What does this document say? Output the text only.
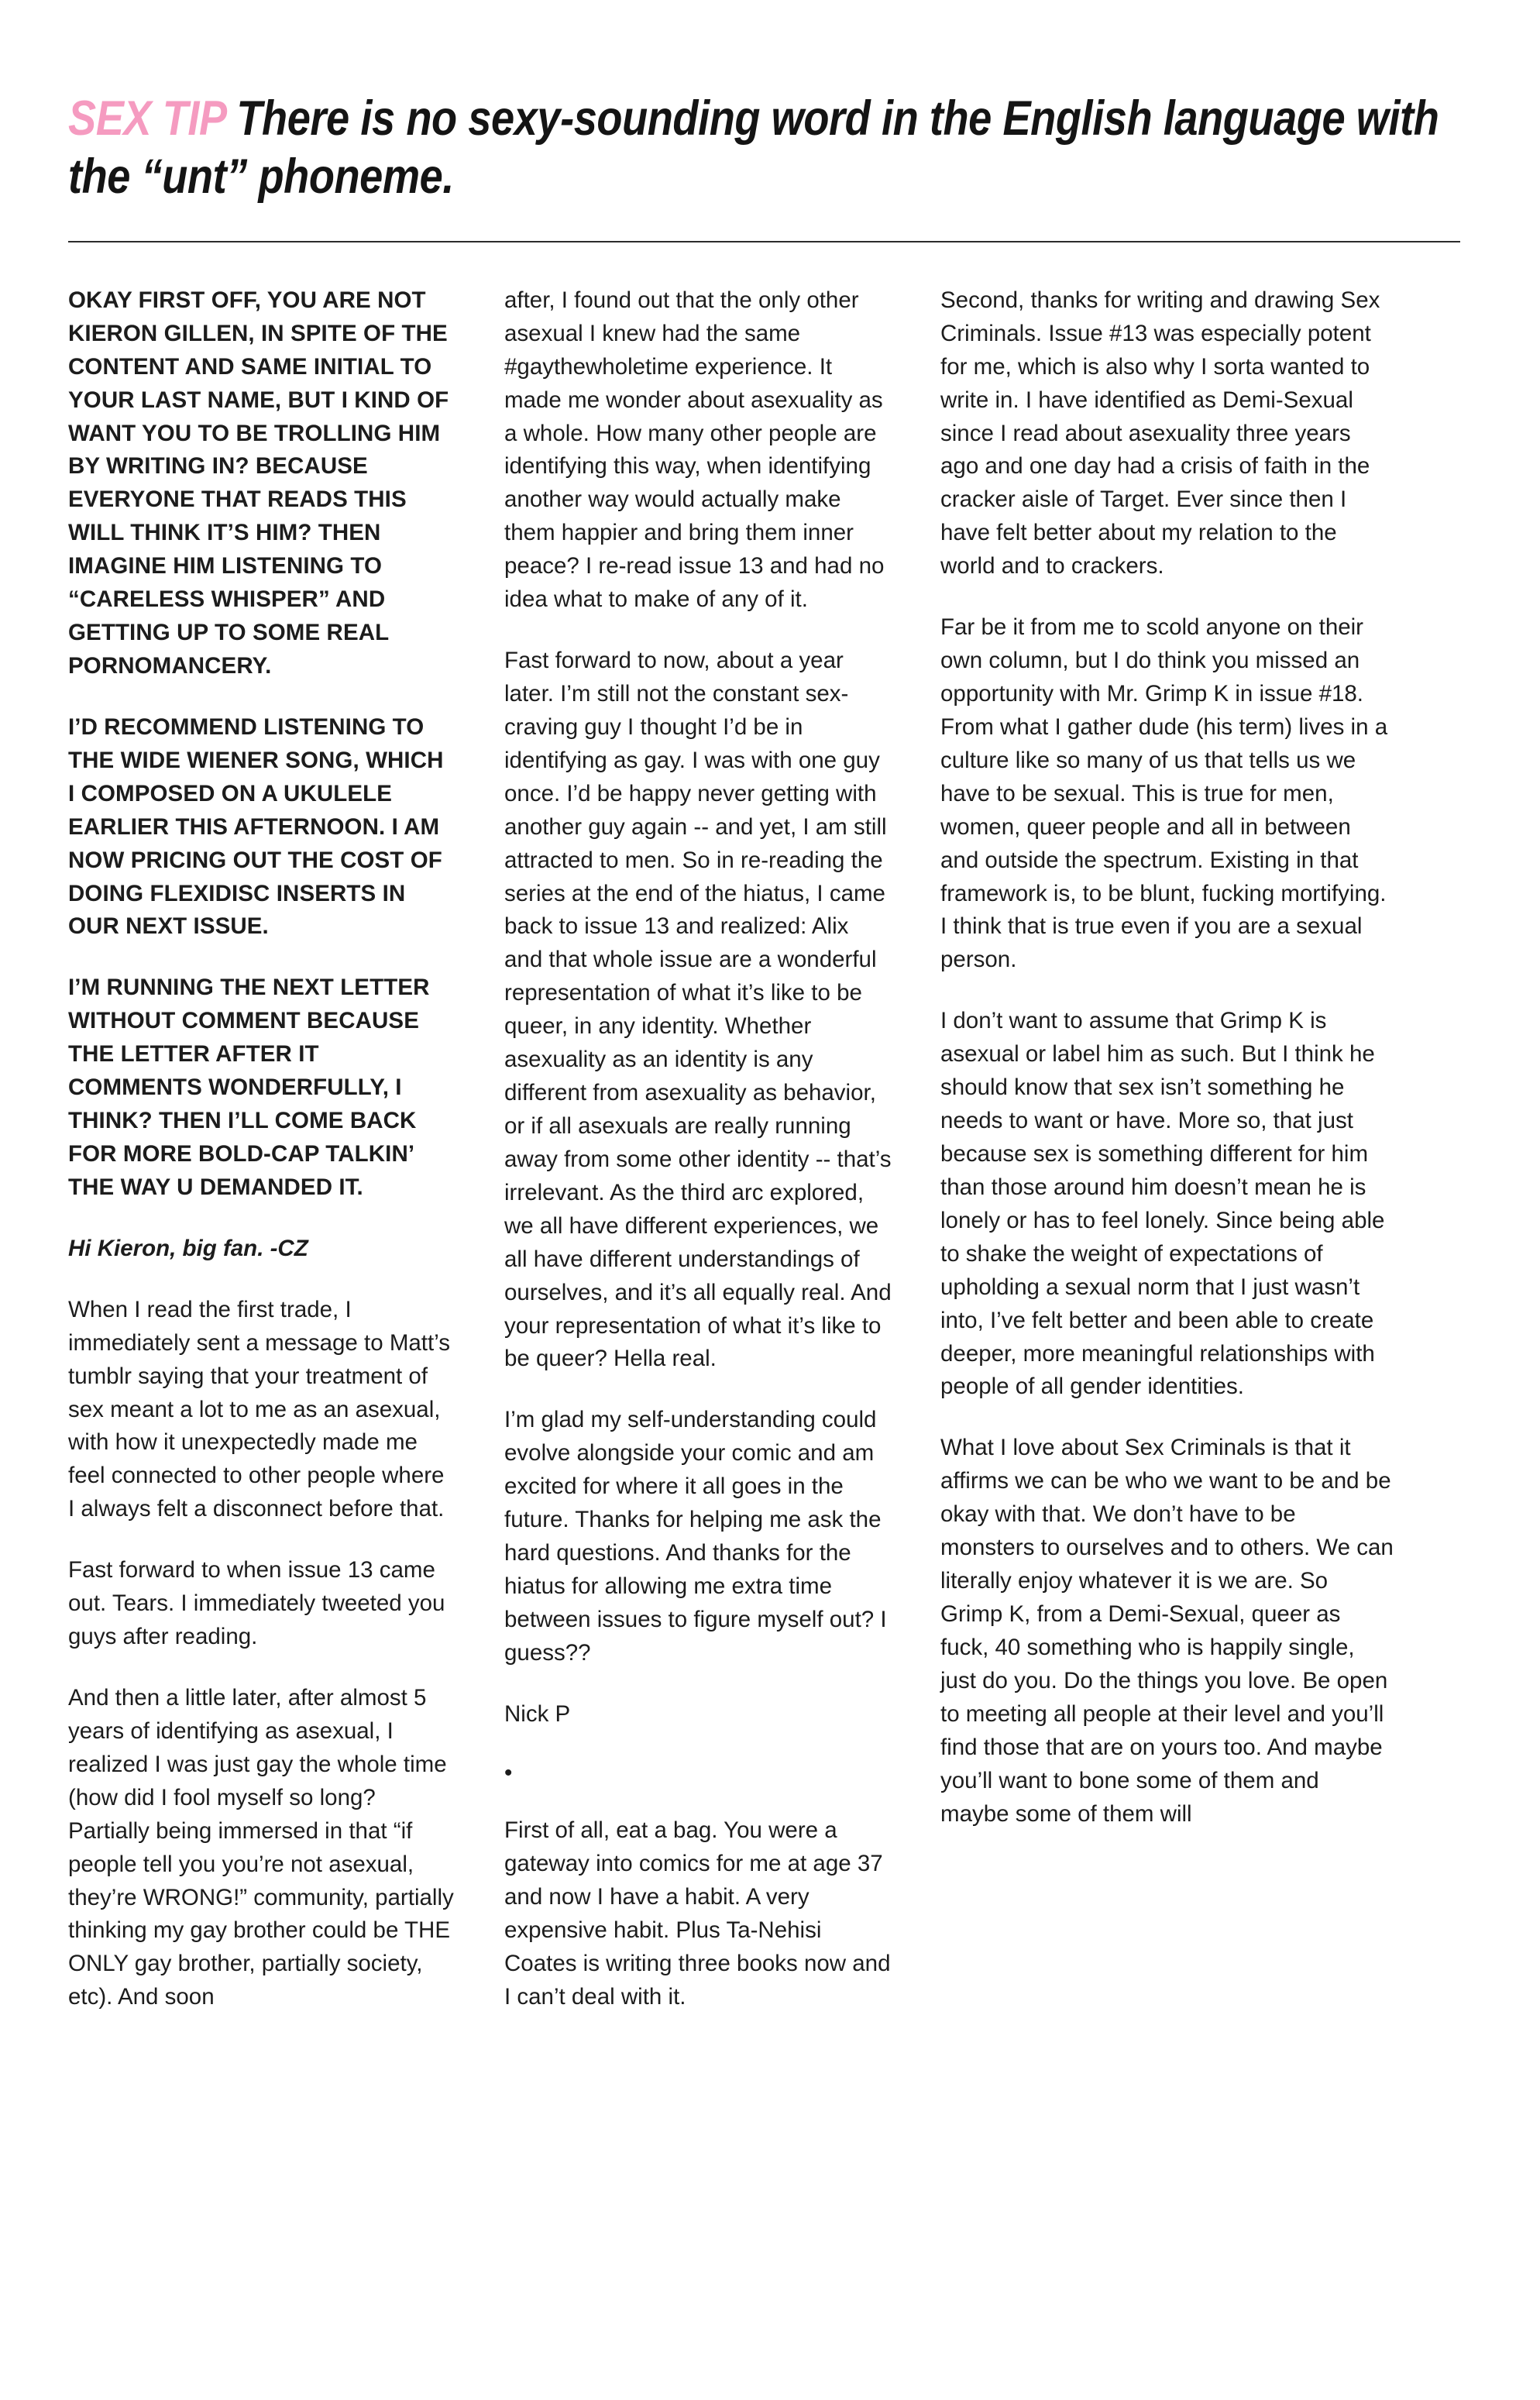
SEX TIP There is no sexy-sounding word in the English language with the “unt” phoneme.

OKAY FIRST OFF, YOU ARE NOT KIERON GILLEN, IN SPITE OF THE CONTENT AND SAME INITIAL TO YOUR LAST NAME, BUT I KIND OF WANT YOU TO BE TROLLING HIM BY WRITING IN? BECAUSE EVERYONE THAT READS THIS WILL THINK IT’S HIM? THEN IMAGINE HIM LISTENING TO “CARELESS WHISPER” AND GETTING UP TO SOME REAL PORNOMANCERY.

I’D RECOMMEND LISTENING TO THE WIDE WIENER SONG, WHICH I COMPOSED ON A UKULELE EARLIER THIS AFTERNOON. I AM NOW PRICING OUT THE COST OF DOING FLEXIDISC INSERTS IN OUR NEXT ISSUE.

I’M RUNNING THE NEXT LETTER WITHOUT COMMENT BECAUSE THE LETTER AFTER IT COMMENTS WONDERFULLY, I THINK? THEN I’LL COME BACK FOR MORE BOLD-CAP TALKIN’ THE WAY U DEMANDED IT.

Hi Kieron, big fan. -CZ

When I read the first trade, I immediately sent a message to Matt’s tumblr saying that your treatment of sex meant a lot to me as an asexual, with how it unexpectedly made me feel connected to other people where I always felt a disconnect before that.

Fast forward to when issue 13 came out. Tears. I immediately tweeted you guys after reading.

And then a little later, after almost 5 years of identifying as asexual, I realized I was just gay the whole time (how did I fool myself so long? Partially being immersed in that “if people tell you you’re not asexual, they’re WRONG!” community, partially thinking my gay brother could be THE ONLY gay brother, partially society, etc). And soon

after, I found out that the only other asexual I knew had the same #gaythewholetime experience. It made me wonder about asexuality as a whole. How many other people are identifying this way, when identifying another way would actually make them happier and bring them inner peace? I re-read issue 13 and had no idea what to make of any of it.

Fast forward to now, about a year later. I’m still not the constant sex-craving guy I thought I’d be in identifying as gay. I was with one guy once. I’d be happy never getting with another guy again -- and yet, I am still attracted to men. So in re-reading the series at the end of the hiatus, I came back to issue 13 and realized: Alix and that whole issue are a wonderful representation of what it’s like to be queer, in any identity. Whether asexuality as an identity is any different from asexuality as behavior, or if all asexuals are really running away from some other identity -- that’s irrelevant. As the third arc explored, we all have different experiences, we all have different understandings of ourselves, and it’s all equally real. And your representation of what it’s like to be queer? Hella real.

I’m glad my self-understanding could evolve alongside your comic and am excited for where it all goes in the future. Thanks for helping me ask the hard questions. And thanks for the hiatus for allowing me extra time between issues to figure myself out? I guess??

Nick P

•

First of all, eat a bag. You were a gateway into comics for me at age 37 and now I have a habit. A very expensive habit. Plus Ta-Nehisi Coates is writing three books now and I can’t deal with it.

Second, thanks for writing and drawing Sex Criminals. Issue #13 was especially potent for me, which is also why I sorta wanted to write in. I have identified as Demi-Sexual since I read about asexuality three years ago and one day had a crisis of faith in the cracker aisle of Target. Ever since then I have felt better about my relation to the world and to crackers.

Far be it from me to scold anyone on their own column, but I do think you missed an opportunity with Mr. Grimp K in issue #18. From what I gather dude (his term) lives in a culture like so many of us that tells us we have to be sexual. This is true for men, women, queer people and all in between and outside the spectrum. Existing in that framework is, to be blunt, fucking mortifying. I think that is true even if you are a sexual person.

I don’t want to assume that Grimp K is asexual or label him as such. But I think he should know that sex isn’t something he needs to want or have. More so, that just because sex is something different for him than those around him doesn’t mean he is lonely or has to feel lonely. Since being able to shake the weight of expectations of upholding a sexual norm that I just wasn’t into, I’ve felt better and been able to create deeper, more meaningful relationships with people of all gender identities.

What I love about Sex Criminals is that it affirms we can be who we want to be and be okay with that. We don’t have to be monsters to ourselves and to others. We can literally enjoy whatever it is we are. So Grimp K, from a Demi-Sexual, queer as fuck, 40 something who is happily single, just do you. Do the things you love. Be open to meeting all people at their level and you’ll find those that are on yours too. And maybe you’ll want to bone some of them and maybe some of them will
